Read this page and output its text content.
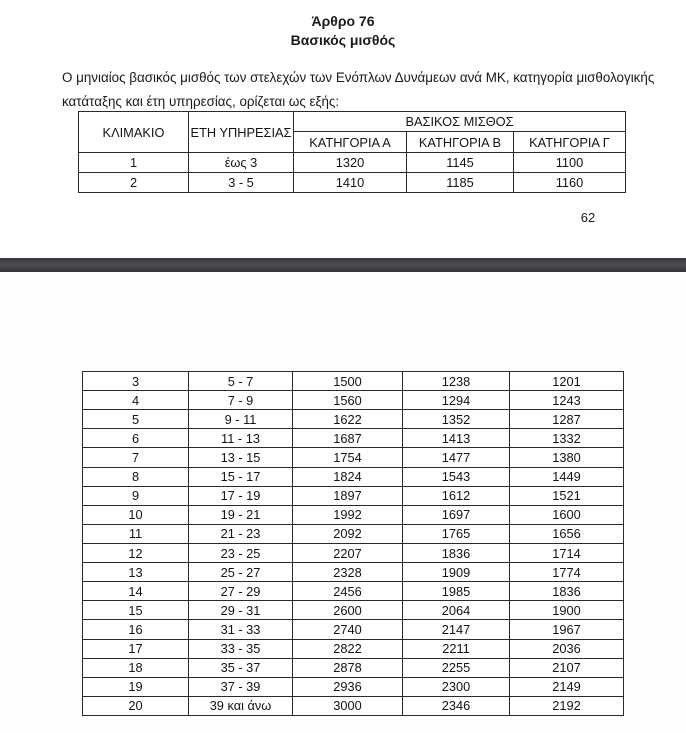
Άρθρο 76
Βασικός μισθός
Ο μηνιαίος βασικός μισθός των στελεχών των Ενόπλων Δυνάμεων ανά ΜΚ, κατηγορία μισθολογικής
κατάταξης και έτη υπηρεσίας, ορίζεται ως εξής:
ΚΛΙΜΑΚΙΟ	ΕΤΗ ΥΠΗΡΕΣΙΑΣ	ΒΑΣΙΚΟΣ ΜΙΣΘΟΣ		
		ΚΑΤΗΓΟΡΙΑ Α	ΚΑΤΗΓΟΡΙΑ Β	ΚΑΤΗΓΟΡΙΑ Γ
1	έως 3	1320	1145	1100
2	3 - 5	1410	1185	1160
62
3	5 - 7	1500	1238	1201
4	7 - 9	1560	1294	1243
5	9 - 11	1622	1352	1287
6	11 - 13	1687	1413	1332
7	13 - 15	1754	1477	1380
8	15 - 17	1824	1543	1449
9	17 - 19	1897	1612	1521
10	19 - 21	1992	1697	1600
11	21 - 23	2092	1765	1656
12	23 - 25	2207	1836	1714
13	25 - 27	2328	1909	1774
14	27 - 29	2456	1985	1836
15	29 - 31	2600	2064	1900
16	31 - 33	2740	2147	1967
17	33 - 35	2822	2211	2036
18	35 - 37	2878	2255	2107
19	37 - 39	2936	2300	2149
20	39 και άνω	3000	2346	2192
